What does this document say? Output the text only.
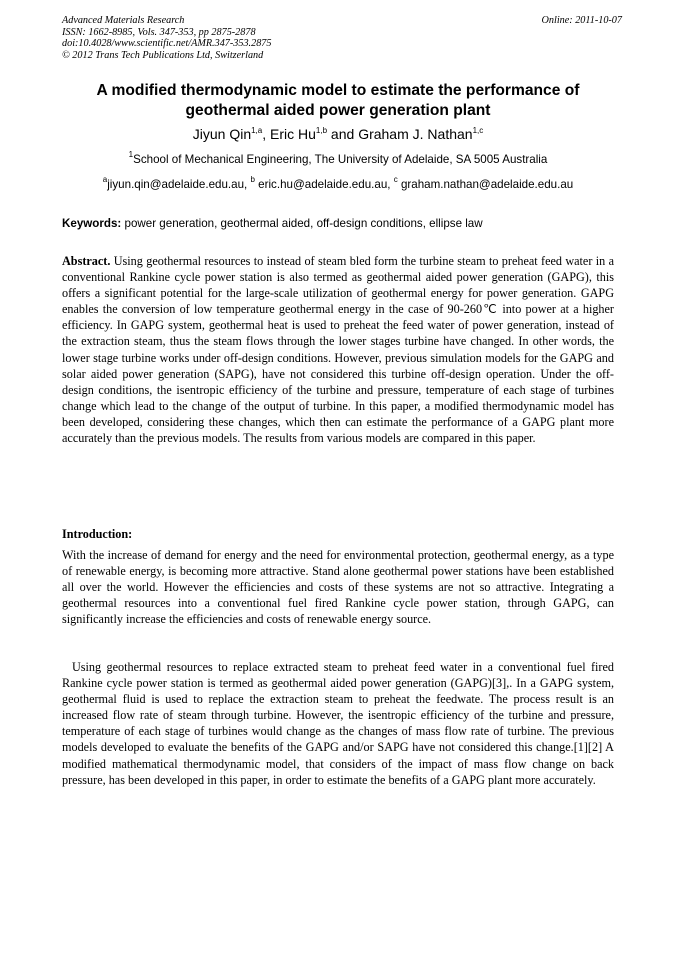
Advanced Materials Research
ISSN: 1662-8985, Vols. 347-353, pp 2875-2878
doi:10.4028/www.scientific.net/AMR.347-353.2875
© 2012 Trans Tech Publications Ltd, Switzerland
Online: 2011-10-07
A modified thermodynamic model to estimate the performance of
geothermal aided power generation plant
Jiyun Qin$^{1,a}$, Eric Hu$^{1,b}$ and Graham J. Nathan$^{1,c}$
$^1$School of Mechanical Engineering, The University of Adelaide, SA 5005 Australia
$^a$jiyun.qin@adelaide.edu.au, $^b$ eric.hu@adelaide.edu.au, $^c$ graham.nathan@adelaide.edu.au
Keywords: power generation, geothermal aided, off-design conditions, ellipse law

Abstract. Using geothermal resources to instead of steam bled form the turbine steam to preheat feed water in a conventional Rankine cycle power station is also termed as geothermal aided power generation (GAPG), this offers a significant potential for the large-scale utilization of geothermal energy for power generation. GAPG enables the conversion of low temperature geothermal energy in the case of 90-260℃ into power at a higher efficiency. In GAPG system, geothermal heat is used to preheat the feed water of power generation, instead of the extraction steam, thus the steam flows through the lower stages turbine have changed. In other words, the lower stage turbine works under off-design conditions. However, previous simulation models for the GAPG and solar aided power generation (SAPG), have not considered this turbine off-design operation. Under the off-design conditions, the isentropic efficiency of the turbine and pressure, temperature of each stage of turbines change which lead to the change of the output of turbine. In this paper, a modified thermodynamic model has been developed, considering these changes, which then can estimate the performance of a GAPG plant more accurately than the previous models. The results from various models are compared in this paper.

Introduction:

With the increase of demand for energy and the need for environmental protection, geothermal energy, as a type of renewable energy, is becoming more attractive. Stand alone geothermal power stations have been established all over the world. However the efficiencies and costs of these systems are not so attractive. Integrating a geothermal resources into a conventional fuel fired Rankine cycle power station, through GAPG, can significantly increase the efficiencies and costs of renewable energy source.

Using geothermal resources to replace extracted steam to preheat feed water in a conventional fuel fired Rankine cycle power station is termed as geothermal aided power generation (GAPG)[3],. In a GAPG system, geothermal fluid is used to replace the extraction steam to preheat the feedwate. The process result is an increased flow rate of steam through turbine. However, the isentropic efficiency of the turbine and pressure, temperature of each stage of turbines would change as the changes of mass flow rate of turbine. The previous models developed to evaluate the benefits of the GAPG and/or SAPG have not considered this change.[1][2] A modified mathematical thermodynamic model, that considers of the impact of mass flow change on back pressure, has been developed in this paper, in order to estimate the benefits of a GAPG plant more accurately.
